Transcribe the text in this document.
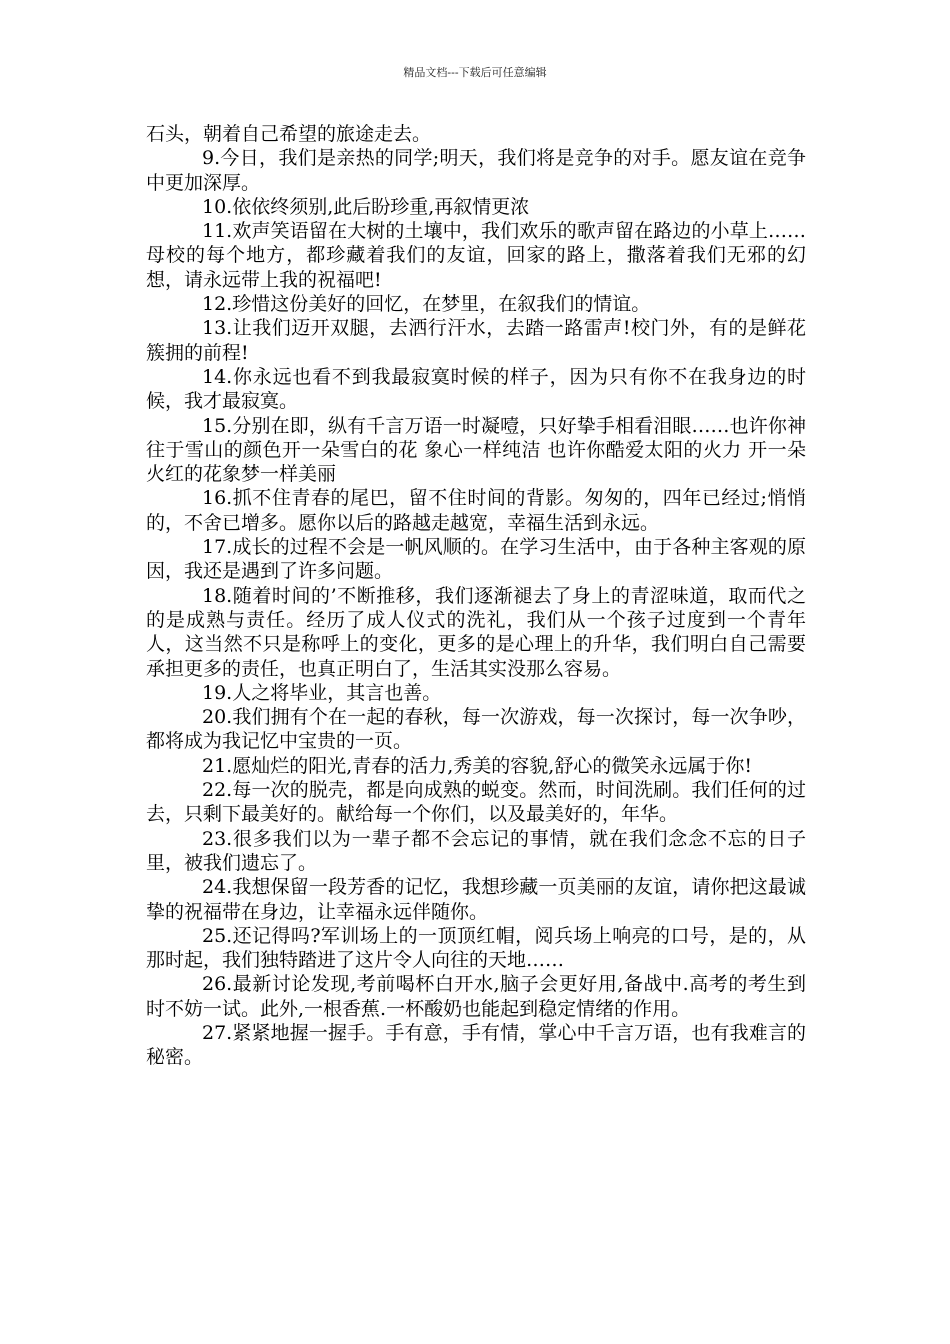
精品文档---下载后可任意编辑

石头，朝着自己希望的旅途走去。

9.今日，我们是亲热的同学;明天，我们将是竞争的对手。愿友谊在竞争中更加深厚。

10.依依终须别,此后盼珍重,再叙情更浓

11.欢声笑语留在大树的土壤中，我们欢乐的歌声留在路边的小草上……母校的每个地方，都珍藏着我们的友谊，回家的路上，撒落着我们无邪的幻想，请永远带上我的祝福吧!

12.珍惜这份美好的回忆，在梦里，在叙我们的情谊。

13.让我们迈开双腿，去洒行汗水，去踏一路雷声!校门外，有的是鲜花簇拥的前程!

14.你永远也看不到我最寂寞时候的样子，因为只有你不在我身边的时候，我才最寂寞。

15.分别在即，纵有千言万语一时凝噎，只好挚手相看泪眼……也许你神往于雪山的颜色开一朵雪白的花 象心一样纯洁 也许你酷爱太阳的火力 开一朵火红的花象梦一样美丽

16.抓不住青春的尾巴，留不住时间的背影。匆匆的，四年已经过;悄悄的，不舍已增多。愿你以后的路越走越宽，幸福生活到永远。

17.成长的过程不会是一帆风顺的。在学习生活中，由于各种主客观的原因，我还是遇到了许多问题。

18.随着时间的’不断推移，我们逐渐褪去了身上的青涩味道，取而代之的是成熟与责任。经历了成人仪式的洗礼，我们从一个孩子过度到一个青年人，这当然不只是称呼上的变化，更多的是心理上的升华，我们明白自己需要承担更多的责任，也真正明白了，生活其实没那么容易。

19.人之将毕业，其言也善。

20.我们拥有个在一起的春秋，每一次游戏，每一次探讨，每一次争吵，都将成为我记忆中宝贵的一页。

21.愿灿烂的阳光,青春的活力,秀美的容貌,舒心的微笑永远属于你!

22.每一次的脱壳，都是向成熟的蜕变。然而，时间洗刷。我们任何的过去，只剩下最美好的。献给每一个你们，以及最美好的，年华。

23.很多我们以为一辈子都不会忘记的事情，就在我们念念不忘的日子里，被我们遗忘了。

24.我想保留一段芳香的记忆，我想珍藏一页美丽的友谊，请你把这最诚挚的祝福带在身边，让幸福永远伴随你。

25.还记得吗?军训场上的一顶顶红帽，阅兵场上响亮的口号，是的，从那时起，我们独特踏进了这片令人向往的天地……

26.最新讨论发现,考前喝杯白开水,脑子会更好用,备战中.高考的考生到时不妨一试。此外,一根香蕉.一杯酸奶也能起到稳定情绪的作用。

27.紧紧地握一握手。手有意，手有情，掌心中千言万语，也有我难言的秘密。
